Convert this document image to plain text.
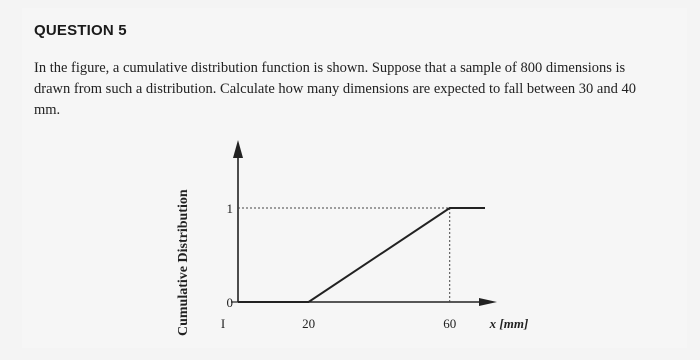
QUESTION 5
In the figure, a cumulative distribution function is shown. Suppose that a sample of 800 dimensions is drawn from such a distribution. Calculate how many dimensions are expected to fall between 30 and 40 mm.
Cumulative Distribution	0
1
20	60
I	x [mm]
